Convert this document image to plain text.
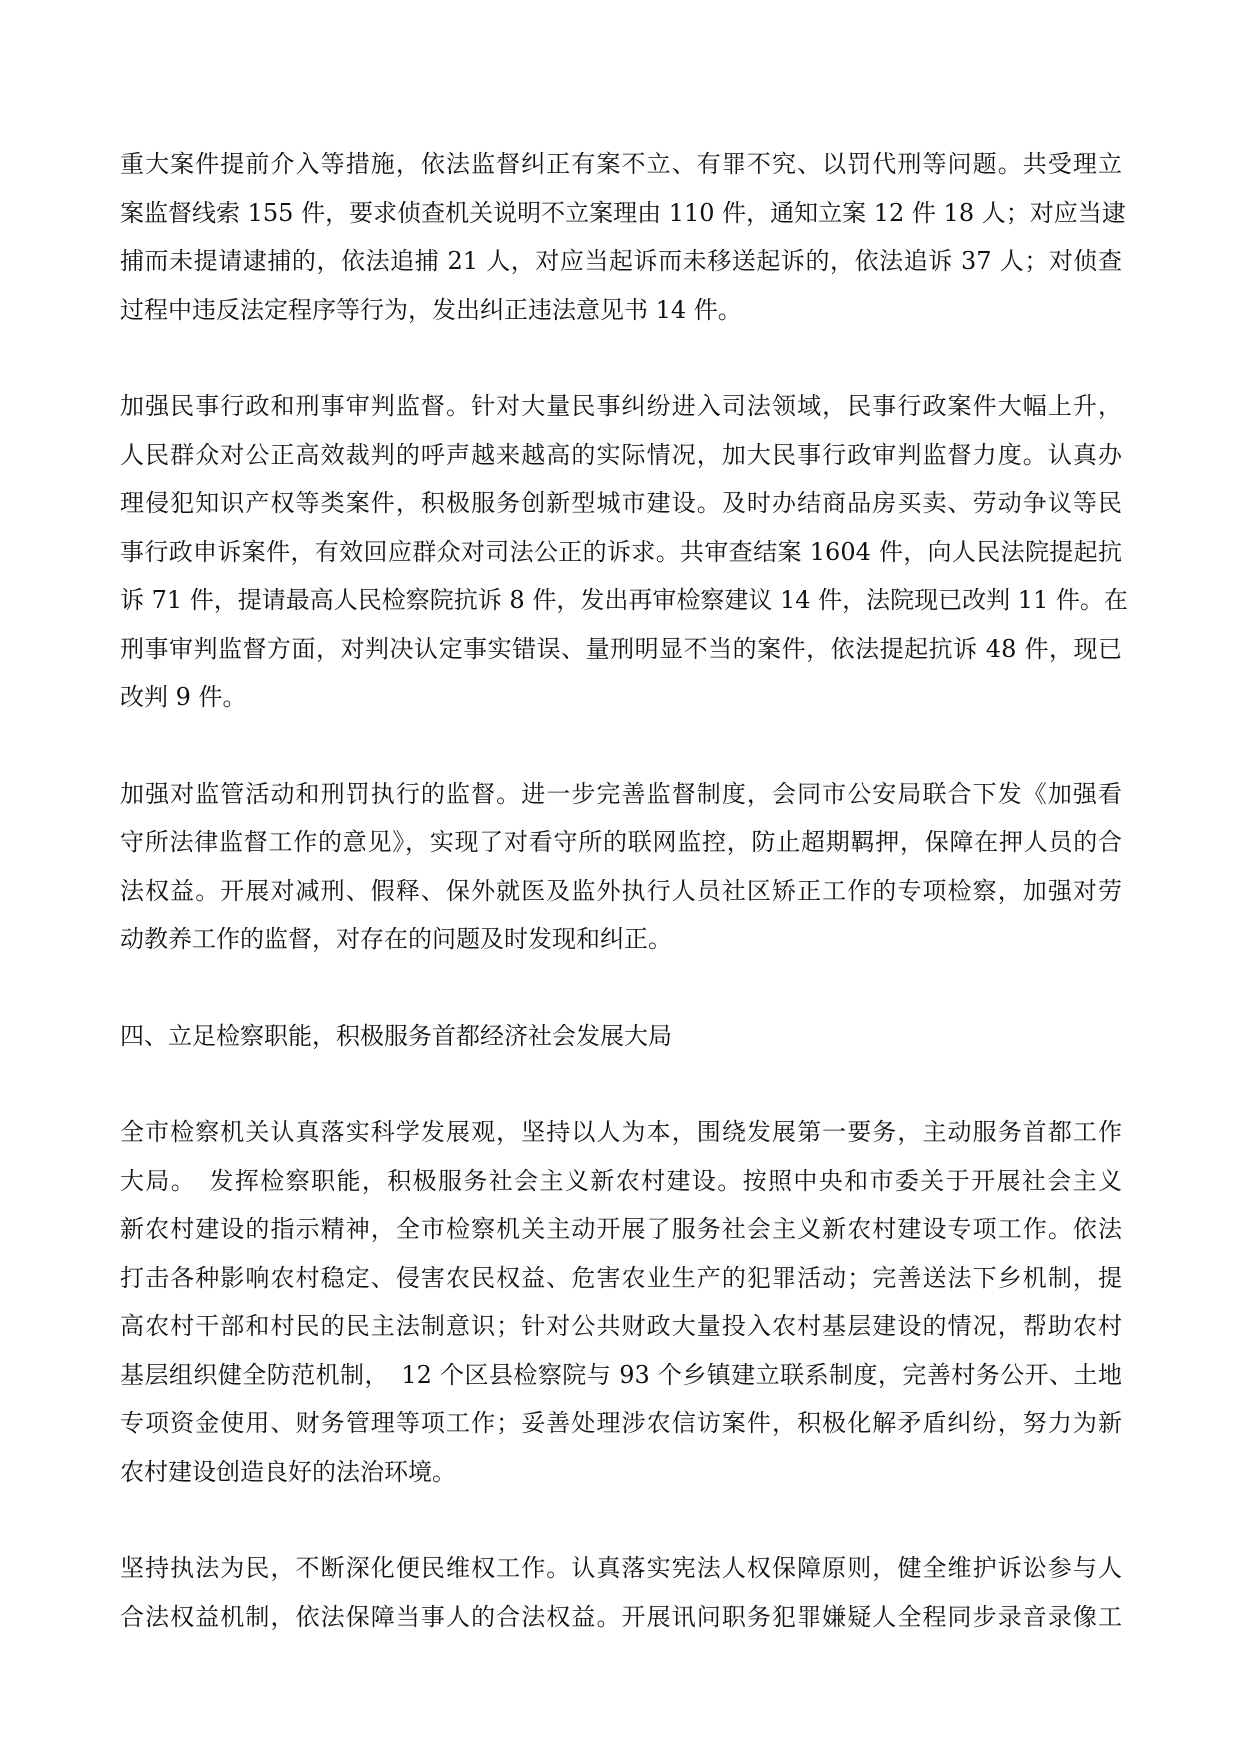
重大案件提前介入等措施，依法监督纠正有案不立、有罪不究、以罚代刑等问题。共受理立
案监督线索 155 件，要求侦查机关说明不立案理由 110 件，通知立案 12 件 18 人；对应当逮
捕而未提请逮捕的，依法追捕 21 人，对应当起诉而未移送起诉的，依法追诉 37 人；对侦查
过程中违反法定程序等行为，发出纠正违法意见书 14 件。
加强民事行政和刑事审判监督。针对大量民事纠纷进入司法领域，民事行政案件大幅上升，
人民群众对公正高效裁判的呼声越来越高的实际情况，加大民事行政审判监督力度。认真办
理侵犯知识产权等类案件，积极服务创新型城市建设。及时办结商品房买卖、劳动争议等民
事行政申诉案件，有效回应群众对司法公正的诉求。共审查结案 1604 件，向人民法院提起抗
诉 71 件，提请最高人民检察院抗诉 8 件，发出再审检察建议 14 件，法院现已改判 11 件。在
刑事审判监督方面，对判决认定事实错误、量刑明显不当的案件，依法提起抗诉 48 件，现已
改判 9 件。
加强对监管活动和刑罚执行的监督。进一步完善监督制度，会同市公安局联合下发《加强看
守所法律监督工作的意见》，实现了对看守所的联网监控，防止超期羁押，保障在押人员的合
法权益。开展对减刑、假释、保外就医及监外执行人员社区矫正工作的专项检察，加强对劳
动教养工作的监督，对存在的问题及时发现和纠正。
四、立足检察职能，积极服务首都经济社会发展大局
全市检察机关认真落实科学发展观，坚持以人为本，围绕发展第一要务，主动服务首都工作
大局。　发挥检察职能，积极服务社会主义新农村建设。按照中央和市委关于开展社会主义
新农村建设的指示精神，全市检察机关主动开展了服务社会主义新农村建设专项工作。依法
打击各种影响农村稳定、侵害农民权益、危害农业生产的犯罪活动；完善送法下乡机制，提
高农村干部和村民的民主法制意识；针对公共财政大量投入农村基层建设的情况，帮助农村
基层组织健全防范机制，　12 个区县检察院与 93 个乡镇建立联系制度，完善村务公开、土地
专项资金使用、财务管理等项工作；妥善处理涉农信访案件，积极化解矛盾纠纷，努力为新
农村建设创造良好的法治环境。
坚持执法为民，不断深化便民维权工作。认真落实宪法人权保障原则，健全维护诉讼参与人
合法权益机制，依法保障当事人的合法权益。开展讯问职务犯罪嫌疑人全程同步录音录像工
